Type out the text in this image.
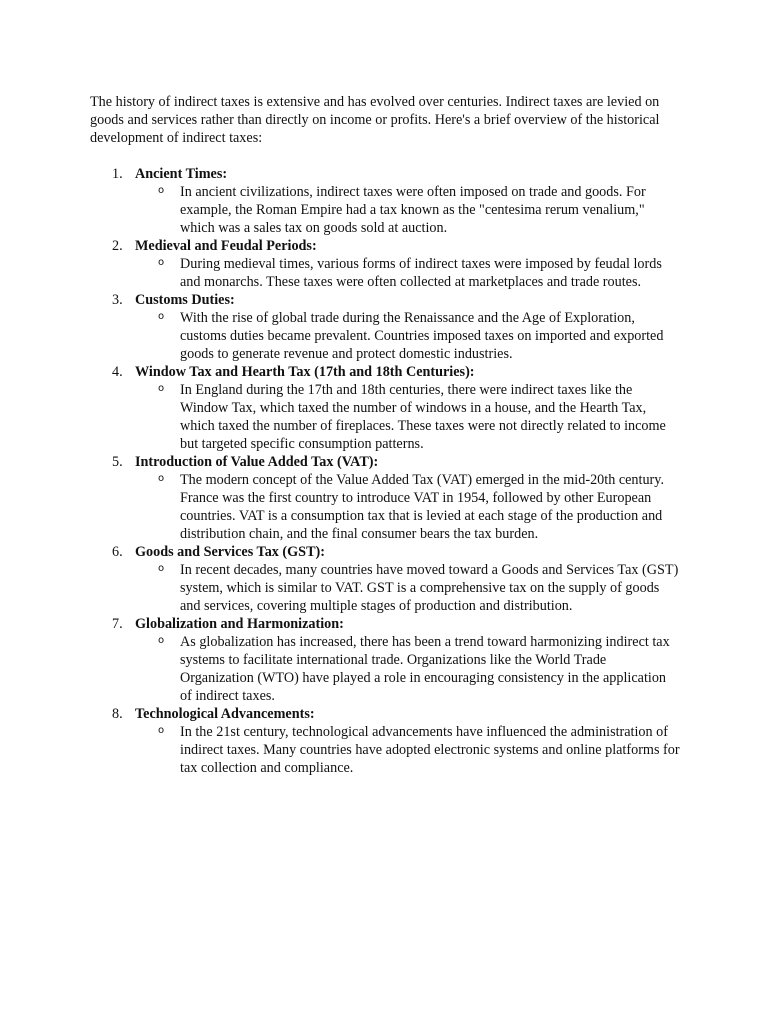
The history of indirect taxes is extensive and has evolved over centuries. Indirect taxes are levied on goods and services rather than directly on income or profits. Here's a brief overview of the historical development of indirect taxes:

1. Ancient Times:
o In ancient civilizations, indirect taxes were often imposed on trade and goods. For example, the Roman Empire had a tax known as the "centesima rerum venalium," which was a sales tax on goods sold at auction.
2. Medieval and Feudal Periods:
o During medieval times, various forms of indirect taxes were imposed by feudal lords and monarchs. These taxes were often collected at marketplaces and trade routes.
3. Customs Duties:
o With the rise of global trade during the Renaissance and the Age of Exploration, customs duties became prevalent. Countries imposed taxes on imported and exported goods to generate revenue and protect domestic industries.
4. Window Tax and Hearth Tax (17th and 18th Centuries):
o In England during the 17th and 18th centuries, there were indirect taxes like the Window Tax, which taxed the number of windows in a house, and the Hearth Tax, which taxed the number of fireplaces. These taxes were not directly related to income but targeted specific consumption patterns.
5. Introduction of Value Added Tax (VAT):
o The modern concept of the Value Added Tax (VAT) emerged in the mid-20th century. France was the first country to introduce VAT in 1954, followed by other European countries. VAT is a consumption tax that is levied at each stage of the production and distribution chain, and the final consumer bears the tax burden.
6. Goods and Services Tax (GST):
o In recent decades, many countries have moved toward a Goods and Services Tax (GST) system, which is similar to VAT. GST is a comprehensive tax on the supply of goods and services, covering multiple stages of production and distribution.
7. Globalization and Harmonization:
o As globalization has increased, there has been a trend toward harmonizing indirect tax systems to facilitate international trade. Organizations like the World Trade Organization (WTO) have played a role in encouraging consistency in the application of indirect taxes.
8. Technological Advancements:
o In the 21st century, technological advancements have influenced the administration of indirect taxes. Many countries have adopted electronic systems and online platforms for tax collection and compliance.
